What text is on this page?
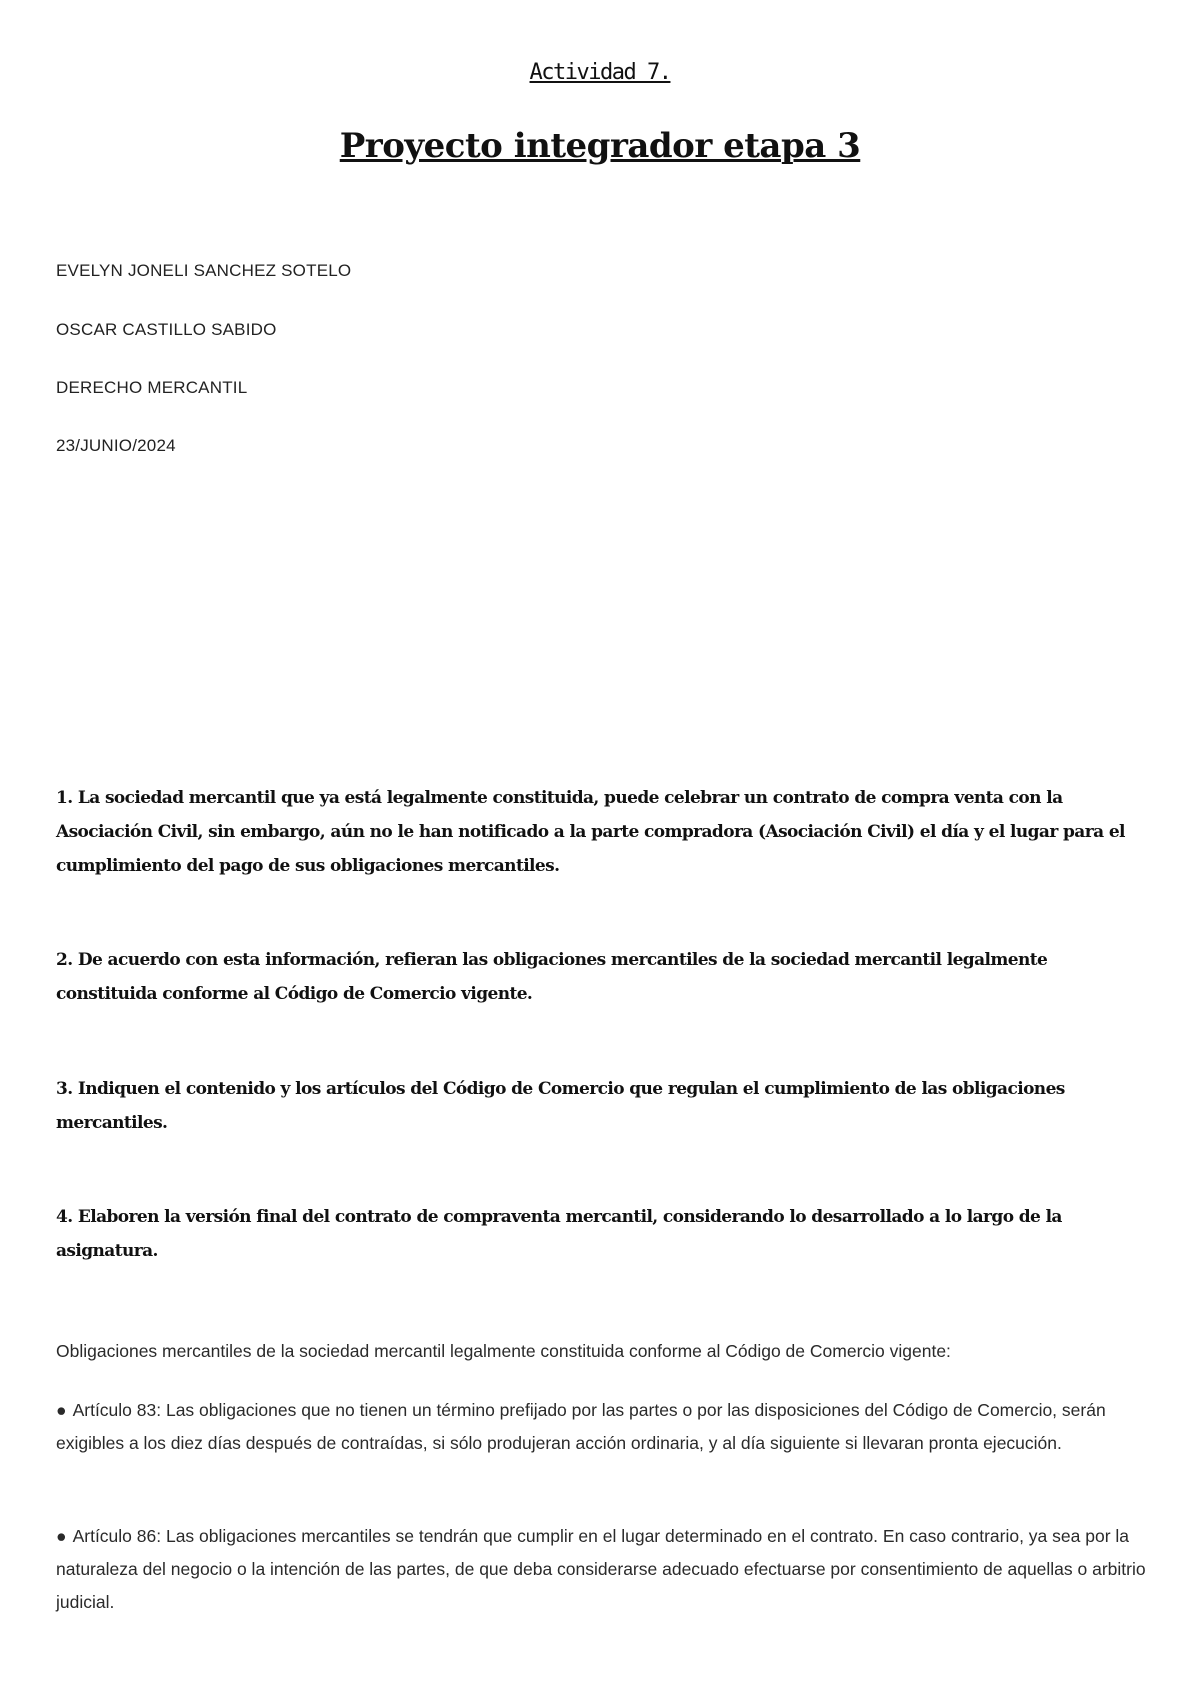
Actividad 7.
Proyecto integrador etapa 3
EVELYN JONELI SANCHEZ SOTELO
OSCAR CASTILLO SABIDO
DERECHO MERCANTIL
23/JUNIO/2024
1. La sociedad mercantil que ya está legalmente constituida, puede celebrar un contrato de compra venta con la Asociación Civil, sin embargo, aún no le han notificado a la parte compradora (Asociación Civil) el día y el lugar para el cumplimiento del pago de sus obligaciones mercantiles.
2. De acuerdo con esta información, refieran las obligaciones mercantiles de la sociedad mercantil legalmente constituida conforme al Código de Comercio vigente.
3. Indiquen el contenido y los artículos del Código de Comercio que regulan el cumplimiento de las obligaciones mercantiles.
4. Elaboren la versión final del contrato de compraventa mercantil, considerando lo desarrollado a lo largo de la asignatura.
Obligaciones mercantiles de la sociedad mercantil legalmente constituida conforme al Código de Comercio vigente:
● Artículo 83: Las obligaciones que no tienen un término prefijado por las partes o por las disposiciones del Código de Comercio, serán exigibles a los diez días después de contraídas, si sólo produjeran acción ordinaria, y al día siguiente si llevaran pronta ejecución.
● Artículo 86: Las obligaciones mercantiles se tendrán que cumplir en el lugar determinado en el contrato. En caso contrario, ya sea por la naturaleza del negocio o la intención de las partes, de que deba considerarse adecuado efectuarse por consentimiento de aquellas o arbitrio judicial.
